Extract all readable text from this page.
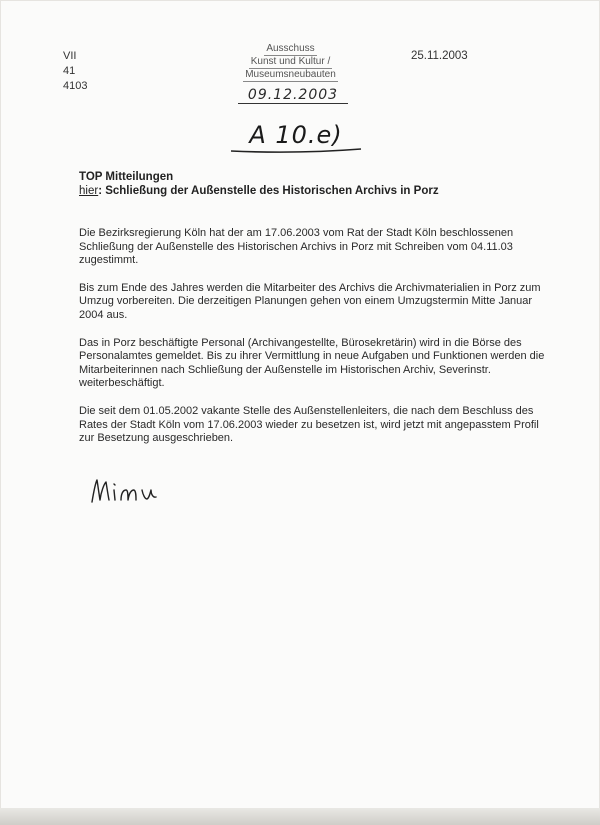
VII
41
4103
Ausschuss
Kunst und Kultur /
Museumsneubauten
09.12.2003
25.11.2003
A 10.e)
TOP Mitteilungen
hier: Schließung der Außenstelle des Historischen Archivs in Porz

Die Bezirksregierung Köln hat der am 17.06.2003 vom Rat der Stadt Köln beschlossenen Schließung der Außenstelle des Historischen Archivs in Porz mit Schreiben vom 04.11.03 zugestimmt.

Bis zum Ende des Jahres werden die Mitarbeiter des Archivs die Archivmaterialien in Porz zum Umzug vorbereiten. Die derzeitigen Planungen gehen von einem Umzugstermin Mitte Januar 2004 aus.

Das in Porz beschäftigte Personal (Archivangestellte, Bürosekretärin) wird in die Börse des Personalamtes gemeldet. Bis zu ihrer Vermittlung in neue Aufgaben und Funktionen werden die Mitarbeiterinnen nach Schließung der Außenstelle im Historischen Archiv, Severinstr. weiterbeschäftigt.

Die seit dem 01.05.2002 vakante Stelle des Außenstellenleiters, die nach dem Beschluss des Rates der Stadt Köln vom 17.06.2003 wieder zu besetzen ist, wird jetzt mit angepasstem Profil zur Besetzung ausgeschrieben.
